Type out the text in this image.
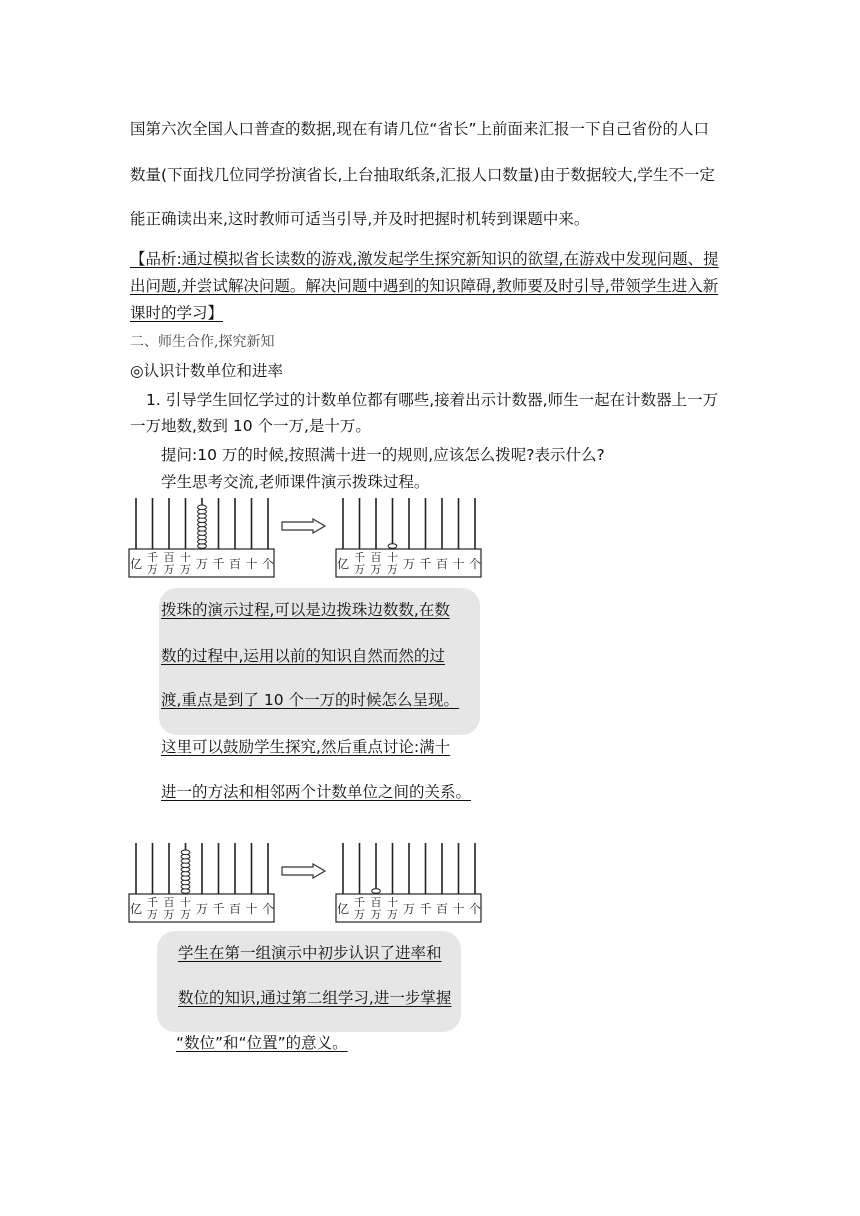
国第六次全国人口普查的数据,现在有请几位“省长”上前面来汇报一下自己省份的人口
数量(下面找几位同学扮演省长,上台抽取纸条,汇报人口数量)由于数据较大,学生不一定
能正确读出来,这时教师可适当引导,并及时把握时机转到课题中来。
【品析:通过模拟省长读数的游戏,激发起学生探究新知识的欲望,在游戏中发现问题、提
出问题,并尝试解决问题。解决问题中遇到的知识障碍,教师要及时引导,带领学生进入新
课时的学习】
二、师生合作,探究新知
◎认识计数单位和进率
1. 引导学生回忆学过的计数单位都有哪些,接着出示计数器,师生一起在计数器上一万
一万地数,数到 10 个一万,是十万。
提问:10 万的时候,按照满十进一的规则,应该怎么拨呢?表示什么?
学生思考交流,老师课件演示拨珠过程。
亿 千
万
百
万
十
万 万 千 百 十 个	亿 千
万
百
万
十
万 万 千 百 十 个
拨珠的演示过程,可以是边拨珠边数数,在数
数的过程中,运用以前的知识自然而然的过
渡,重点是到了 10 个一万的时候怎么呈现。
这里可以鼓励学生探究,然后重点讨论:满十
进一的方法和相邻两个计数单位之间的关系。
亿 千
万
百
万
十
万 万 千 百 十 个	亿 千
万
百
万
十
万 万 千 百 十 个
学生在第一组演示中初步认识了进率和
数位的知识,通过第二组学习,进一步掌握
“数位”和“位置”的意义。
